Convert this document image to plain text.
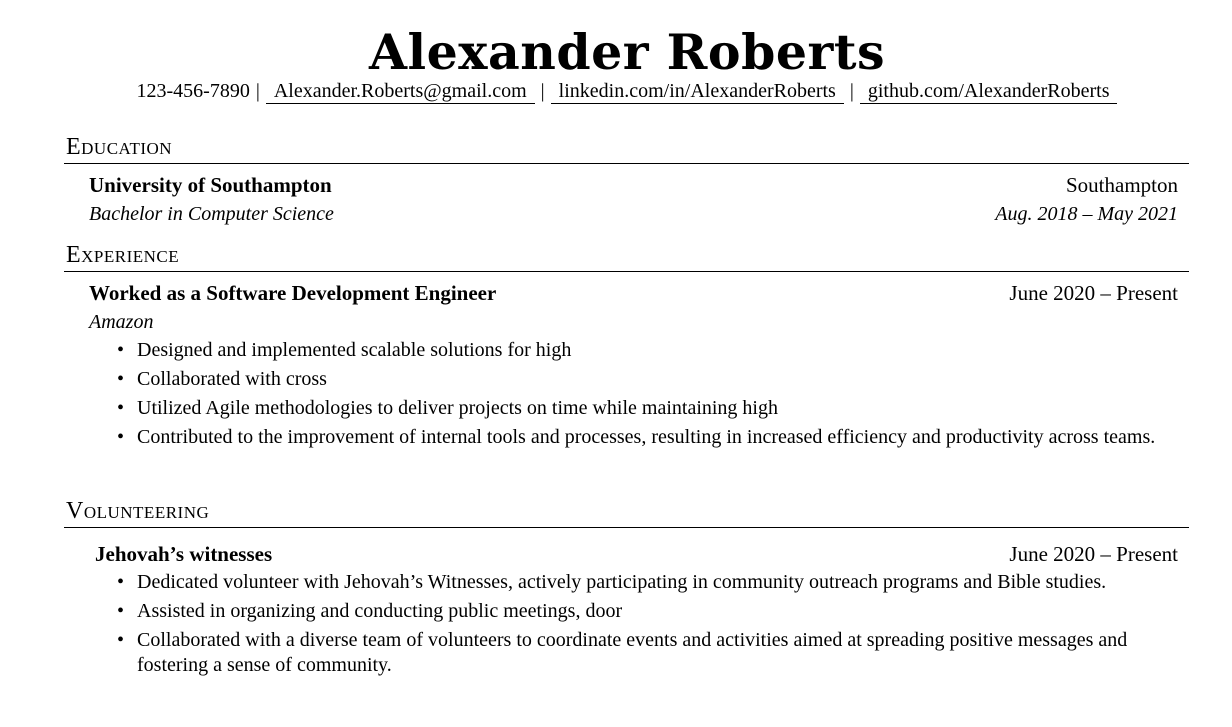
Alexander Roberts
123-456-7890 | Alexander.Roberts@gmail.com | linkedin.com/in/AlexanderRoberts | github.com/AlexanderRoberts
Education
University of Southampton	Southampton
Bachelor in Computer Science	Aug. 2018 – May 2021
Experience
Worked as a Software Development Engineer	June 2020 – Present
Amazon
• Designed and implemented scalable solutions for high
• Collaborated with cross
• Utilized Agile methodologies to deliver projects on time while maintaining high
• Contributed to the improvement of internal tools and processes, resulting in increased efficiency and productivity across teams.
Volunteering
Jehovah’s witnesses	June 2020 – Present
• Dedicated volunteer with Jehovah’s Witnesses, actively participating in community outreach programs and Bible studies.
• Assisted in organizing and conducting public meetings, door
• Collaborated with a diverse team of volunteers to coordinate events and activities aimed at spreading positive messages and fostering a sense of community.
